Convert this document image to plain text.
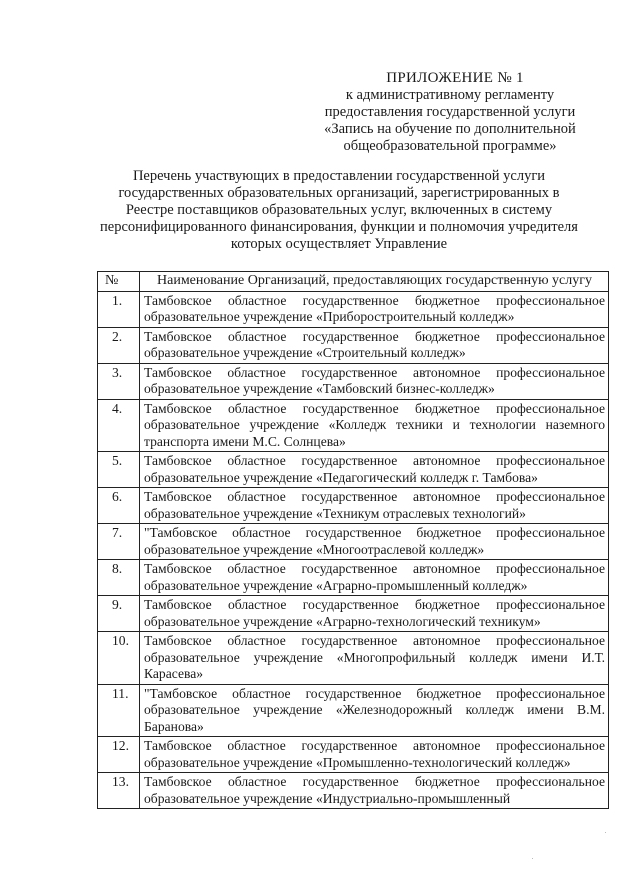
ПРИЛОЖЕНИЕ № 1
к административному регламенту
предоставления государственной услуги
«Запись на обучение по дополнительной
общеобразовательной программе»
Перечень участвующих в предоставлении государственной услуги
государственных образовательных организаций, зарегистрированных в
Реестре поставщиков образовательных услуг, включенных в систему
персонифицированного финансирования, функции и полномочия учредителя
которых осуществляет Управление
№	Наименование Организаций, предоставляющих государственную услугу
1.	Тамбовское областное государственное бюджетное профессиональное образовательное учреждение «Приборостроительный колледж»
2.	Тамбовское областное государственное бюджетное профессиональное образовательное учреждение «Строительный колледж»
3.	Тамбовское областное государственное автономное профессиональное образовательное учреждение «Тамбовский бизнес-колледж»
4.	Тамбовское областное государственное бюджетное профессиональное образовательное учреждение «Колледж техники и технологии наземного транспорта имени М.С. Солнцева»
5.	Тамбовское областное государственное автономное профессиональное образовательное учреждение «Педагогический колледж г. Тамбова»
6.	Тамбовское областное государственное автономное профессиональное образовательное учреждение «Техникум отраслевых технологий»
7.	"Тамбовское областное государственное бюджетное профессиональное образовательное учреждение «Многоотраслевой колледж»
8.	Тамбовское областное государственное автономное профессиональное образовательное учреждение «Аграрно-промышленный колледж»
9.	Тамбовское областное государственное бюджетное профессиональное образовательное учреждение «Аграрно-технологический техникум»
10.	Тамбовское областное государственное автономное профессиональное образовательное учреждение «Многопрофильный колледж имени И.Т. Карасева»
11.	"Тамбовское областное государственное бюджетное профессиональное образовательное учреждение «Железнодорожный колледж имени В.М. Баранова»
12.	Тамбовское областное государственное автономное профессиональное образовательное учреждение «Промышленно-технологический колледж»
13.	Тамбовское областное государственное бюджетное профессиональное образовательное учреждение «Индустриально-промышленный
